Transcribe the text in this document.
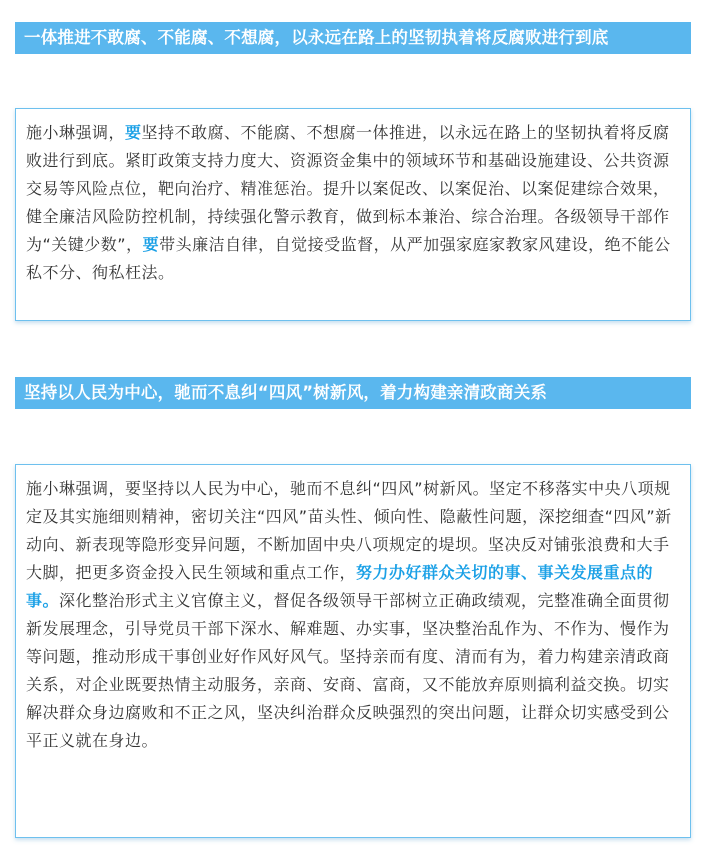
一体推进不敢腐、不能腐、不想腐，以永远在路上的坚韧执着将反腐败进行到底

施小琳强调，要坚持不敢腐、不能腐、不想腐一体推进，以永远在路上的坚韧执着将反腐败进行到底。紧盯政策支持力度大、资源资金集中的领域环节和基础设施建设、公共资源交易等风险点位，靶向治疗、精准惩治。提升以案促改、以案促治、以案促建综合效果，健全廉洁风险防控机制，持续强化警示教育，做到标本兼治、综合治理。各级领导干部作为“关键少数”，要带头廉洁自律，自觉接受监督，从严加强家庭家教家风建设，绝不能公私不分、徇私枉法。

坚持以人民为中心，驰而不息纠“四风”树新风，着力构建亲清政商关系

施小琳强调，要坚持以人民为中心，驰而不息纠“四风”树新风。坚定不移落实中央八项规定及其实施细则精神，密切关注“四风”苗头性、倾向性、隐蔽性问题，深挖细查“四风”新动向、新表现等隐形变异问题，不断加固中央八项规定的堤坝。坚决反对铺张浪费和大手大脚，把更多资金投入民生领域和重点工作，努力办好群众关切的事、事关发展重点的事。深化整治形式主义官僚主义，督促各级领导干部树立正确政绩观，完整准确全面贯彻新发展理念，引导党员干部下深水、解难题、办实事，坚决整治乱作为、不作为、慢作为等问题，推动形成干事创业好作风好风气。坚持亲而有度、清而有为，着力构建亲清政商关系，对企业既要热情主动服务，亲商、安商、富商，又不能放弃原则搞利益交换。切实解决群众身边腐败和不正之风，坚决纠治群众反映强烈的突出问题，让群众切实感受到公平正义就在身边。
